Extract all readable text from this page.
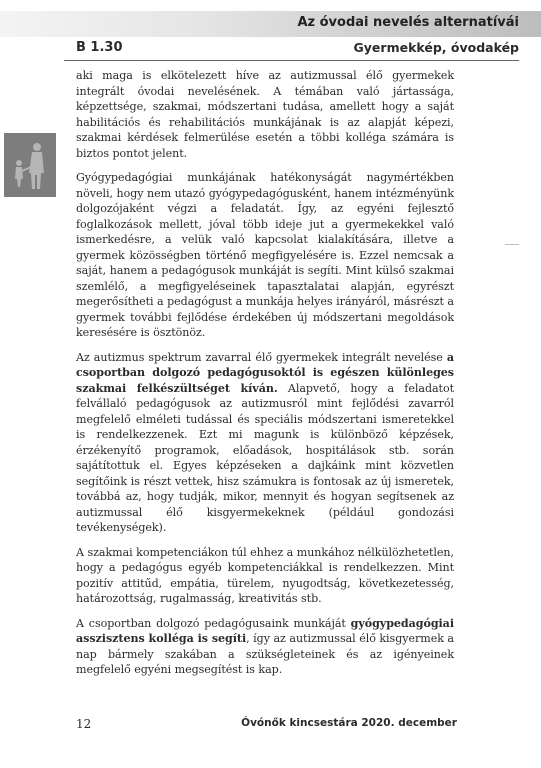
Az óvodai nevelés alternatívái
B 1.30	Gyermekkép, óvodakép

aki maga is elkötelezett híve az autizmussal élő gyermekek integrált óvodai nevelésének. A témában való jártassága, képzettsége, szakmai, módszertani tudása, amellett hogy a saját habilitációs és rehabilitációs munkájának is az alapját képezi, szakmai kérdések felmerülése esetén a többi kolléga számára is biztos pontot jelent.

Gyógypedagógiai munkájának hatékonyságát nagymértékben növeli, hogy nem utazó gyógypedagógusként, hanem intézményünk dolgozójaként végzi a feladatát. Így, az egyéni fejlesztő foglalkozások mellett, jóval több ideje jut a gyermekekkel való ismerkedésre, a velük való kapcsolat kialakítására, illetve a gyermek közösségben történő megfigyelésére is. Ezzel nemcsak a saját, hanem a pedagógusok munkáját is segíti. Mint külső szakmai szemlélő, a megfigyeléseinek tapasztalatai alapján, egyrészt megerősítheti a pedagógust a munkája helyes irányáról, másrészt a gyermek további fejlődése érdekében új módszertani megoldások keresésére is ösztönöz.

Az autizmus spektrum zavarral élő gyermekek integrált nevelése a csoportban dolgozó pedagógusoktól is egészen különleges szakmai felkészültséget kíván. Alapvető, hogy a feladatot felvállaló pedagógusok az autizmusról mint fejlődési zavarról megfelelő elméleti tudással és speciális módszertani ismeretekkel is rendelkezzenek. Ezt mi magunk is különböző képzések, érzékenyítő programok, előadások, hospitálások stb. során sajátítottuk el. Egyes képzéseken a dajkáink mint közvetlen segítőink is részt vettek, hisz számukra is fontosak az új ismeretek, továbbá az, hogy tudják, mikor, mennyit és hogyan segítsenek az autizmussal élő kisgyermekeknek (például gondozási tevékenységek).

A szakmai kompetenciákon túl ehhez a munkához nélkülözhetetlen, hogy a pedagógus egyéb kompetenciákkal is rendelkezzen. Mint pozitív attitűd, empátia, türelem, nyugodtság, következetesség, határozottság, rugalmasság, kreativitás stb.

A csoportban dolgozó pedagógusaink munkáját gyógypedagógiai asszisztens kolléga is segíti, így az autizmussal élő kisgyermek a nap bármely szakában a szükségleteinek és az igényeinek megfelelő egyéni megsegítést is kap.

12	Óvónők kincsestára 2020. december
